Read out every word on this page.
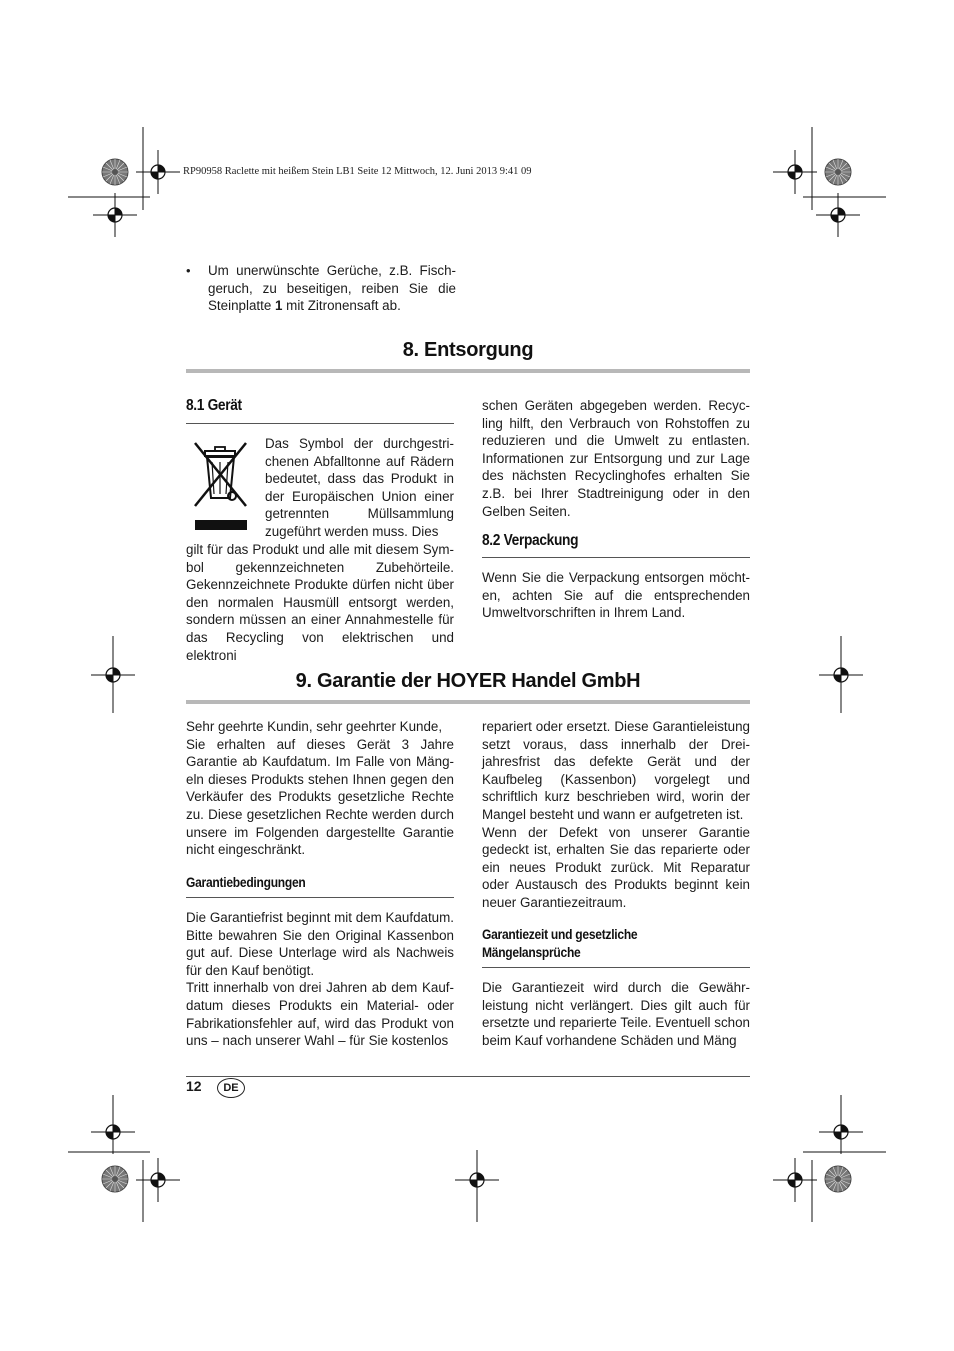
RP90958 Raclette mit heißem Stein LB1 Seite 12 Mittwoch, 12. Juni 2013 9:41 09
• Um unerwünschte Gerüche, z.B. Fischgeruch, zu beseitigen, reiben Sie die Steinplatte 1 mit Zitronensaft ab.

8. Entsorgung
8.1 Gerät

Das Symbol der durchgestrichenen Abfalltonne auf Rädern bedeutet, dass das Produkt in der Europäischen Union einer getrennten Müllsammlung zugeführt werden muss. Dies

gilt für das Produkt und alle mit diesem Symbol gekennzeichneten Zubehörteile. Gekennzeichnete Produkte dürfen nicht über den normalen Hausmüll entsorgt werden, sondern müssen an einer Annahmestelle für das Recycling von elektrischen und elektroni

schen Geräten abgegeben werden. Recycling hilft, den Verbrauch von Rohstoffen zu reduzieren und die Umwelt zu entlasten. Informationen zur Entsorgung und zur Lage des nächsten Recyclinghofes erhalten Sie z.B. bei Ihrer Stadtreinigung oder in den Gelben Seiten.

8.2 Verpackung

Wenn Sie die Verpackung entsorgen möchten, achten Sie auf die entsprechenden Umweltvorschriften in Ihrem Land.

9. Garantie der HOYER Handel GmbH

Sehr geehrte Kundin, sehr geehrter Kunde,

Sie erhalten auf dieses Gerät 3 Jahre Garantie ab Kaufdatum. Im Falle von Mängeln dieses Produkts stehen Ihnen gegen den Verkäufer des Produkts gesetzliche Rechte zu. Diese gesetzlichen Rechte werden durch unsere im Folgenden dargestellte Garantie nicht eingeschränkt.

Garantiebedingungen

Die Garantiefrist beginnt mit dem Kaufdatum. Bitte bewahren Sie den Original Kassenbon gut auf. Diese Unterlage wird als Nachweis für den Kauf benötigt.

Tritt innerhalb von drei Jahren ab dem Kaufdatum dieses Produkts ein Material- oder Fabrikationsfehler auf, wird das Produkt von uns – nach unserer Wahl – für Sie kostenlos

repariert oder ersetzt. Diese Garantieleistung setzt voraus, dass innerhalb der Dreijahresfrist das defekte Gerät und der Kaufbeleg (Kassenbon) vorgelegt und schriftlich kurz beschrieben wird, worin der Mangel besteht und wann er aufgetreten ist.

Wenn der Defekt von unserer Garantie gedeckt ist, erhalten Sie das reparierte oder ein neues Produkt zurück. Mit Reparatur oder Austausch des Produkts beginnt kein neuer Garantiezeitraum.

Garantiezeit und gesetzliche
Mängelansprüche

Die Garantiezeit wird durch die Gewährleistung nicht verlängert. Dies gilt auch für ersetzte und reparierte Teile. Eventuell schon beim Kauf vorhandene Schäden und Mäng

12	DE
